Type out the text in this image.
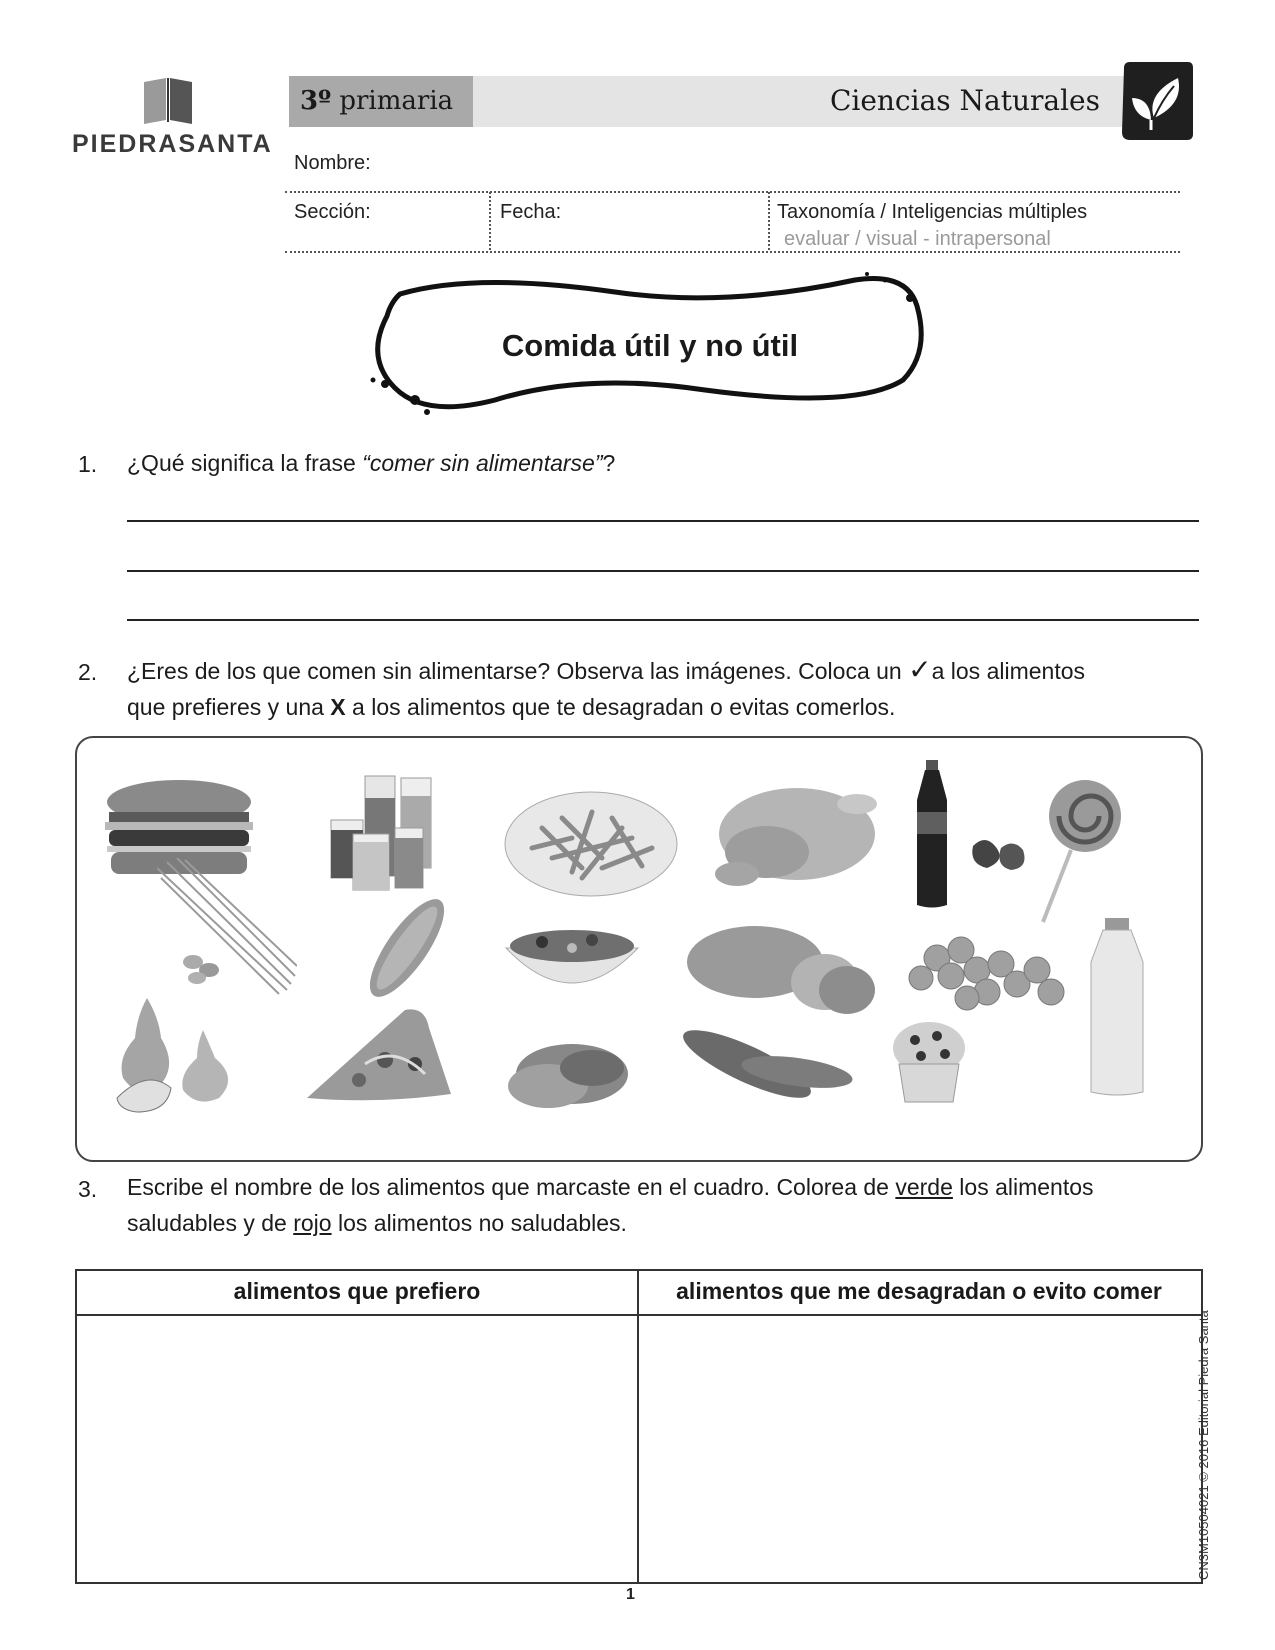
PIEDRASANTA
3º primaria	Ciencias Naturales
Nombre:
Sección:	Fecha:	Taxonomía / Inteligencias múltiples
evaluar / visual - intrapersonal
Comida útil y no útil
1. ¿Qué significa la frase “comer sin alimentarse”?
2. ¿Eres de los que comen sin alimentarse? Observa las imágenes. Coloca un ✓a los alimentos
que prefieres y una X a los alimentos que te desagradan o evitas comerlos.
3. Escribe el nombre de los alimentos que marcaste en el cuadro. Colorea de verde los alimentos
saludables y de rojo los alimentos no saludables.
alimentos que prefiero	alimentos que me desagradan o evito comer
CN3M10504021 © 2016 Editorial Piedra Santa
1
